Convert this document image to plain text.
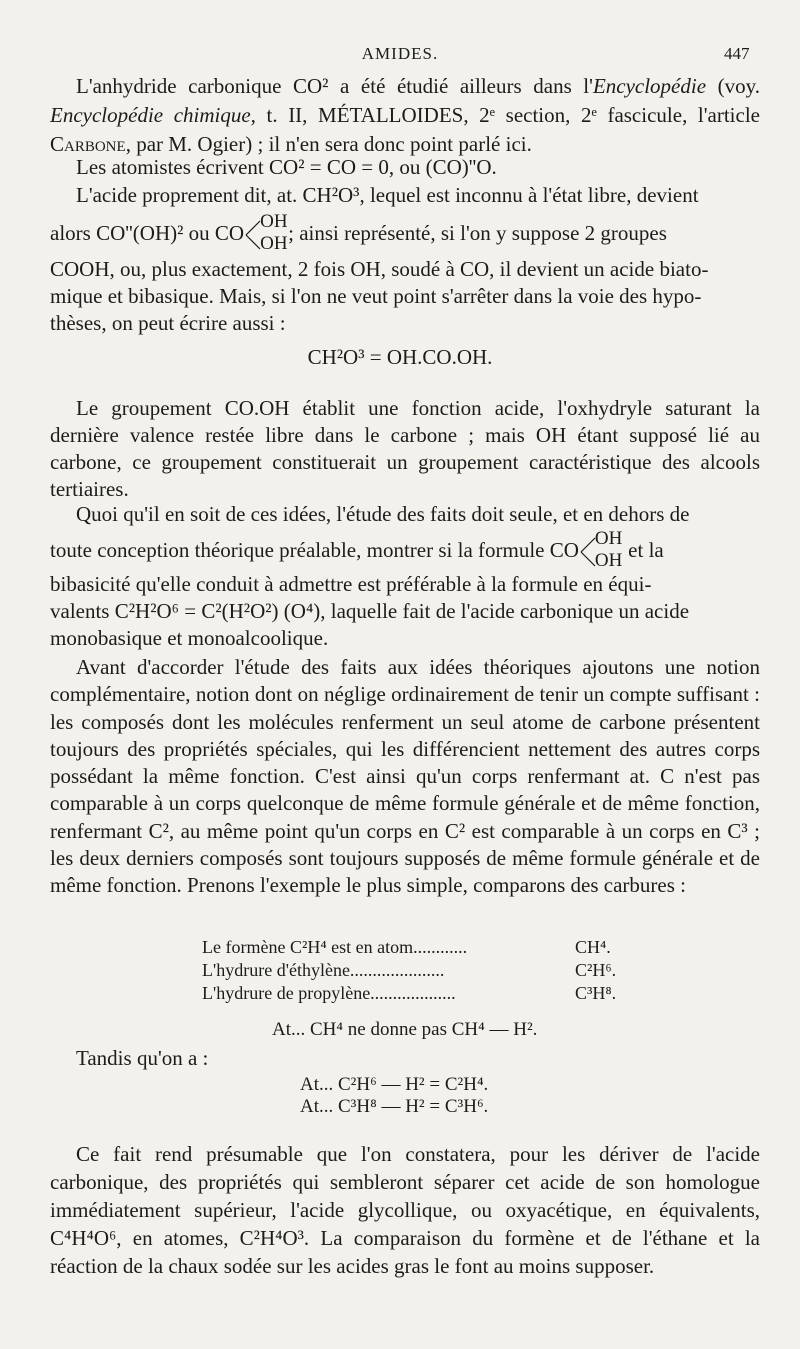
AMIDES.	447
L'anhydride carbonique CO² a été étudié ailleurs dans l'Encyclopédie (voy. Encyclopédie chimique, t. II, MÉTALLOIDES, 2ᵉ section, 2ᵉ fascicule, l'article Carbone, par M. Ogier) ; il n'en sera donc point parlé ici.
Les atomistes écrivent CO² = CO = 0, ou (CO)''O.
L'acide proprement dit, at. CH²O³, lequel est inconnu à l'état libre, devient
alors CO''(OH)² ou CO OH
OH ; ainsi représenté, si l'on y suppose 2 groupes
COOH, ou, plus exactement, 2 fois OH, soudé à CO, il devient un acide biato-
mique et bibasique. Mais, si l'on ne veut point s'arrêter dans la voie des hypo-
thèses, on peut écrire aussi :
CH²O³ = OH.CO.OH.
Le groupement CO.OH établit une fonction acide, l'oxhydryle saturant la dernière valence restée libre dans le carbone ; mais OH étant supposé lié au carbone, ce groupement constituerait un groupement caractéristique des alcools tertiaires.
Quoi qu'il en soit de ces idées, l'étude des faits doit seule, et en dehors de
toute conception théorique préalable, montrer si la formule CO OH
OH et la
bibasicité qu'elle conduit à admettre est préférable à la formule en équi-
valents C²H²O⁶ = C²(H²O²) (O⁴), laquelle fait de l'acide carbonique un acide
monobasique et monoalcoolique.
Avant d'accorder l'étude des faits aux idées théoriques ajoutons une notion complémentaire, notion dont on néglige ordinairement de tenir un compte suffisant : les composés dont les molécules renferment un seul atome de carbone présentent toujours des propriétés spéciales, qui les différencient nettement des autres corps possédant la même fonction. C'est ainsi qu'un corps renfermant at. C n'est pas comparable à un corps quelconque de même formule générale et de même fonction, renfermant C², au même point qu'un corps en C² est comparable à un corps en C³ ; les deux derniers composés sont toujours supposés de même formule générale et de même fonction. Prenons l'exemple le plus simple, comparons des carbures :
Le formène C²H⁴ est en atom............	CH⁴.
L'hydrure d'éthylène.....................	C²H⁶.
L'hydrure de propylène...................	C³H⁸.
At... CH⁴ ne donne pas CH⁴ — H².
Tandis qu'on a :
At... C²H⁶ — H² = C²H⁴.
At... C³H⁸ — H² = C³H⁶.
Ce fait rend présumable que l'on constatera, pour les dériver de l'acide carbonique, des propriétés qui sembleront séparer cet acide de son homologue immédiatement supérieur, l'acide glycollique, ou oxyacétique, en équivalents, C⁴H⁴O⁶, en atomes, C²H⁴O³. La comparaison du formène et de l'éthane et la réaction de la chaux sodée sur les acides gras le font au moins supposer.
